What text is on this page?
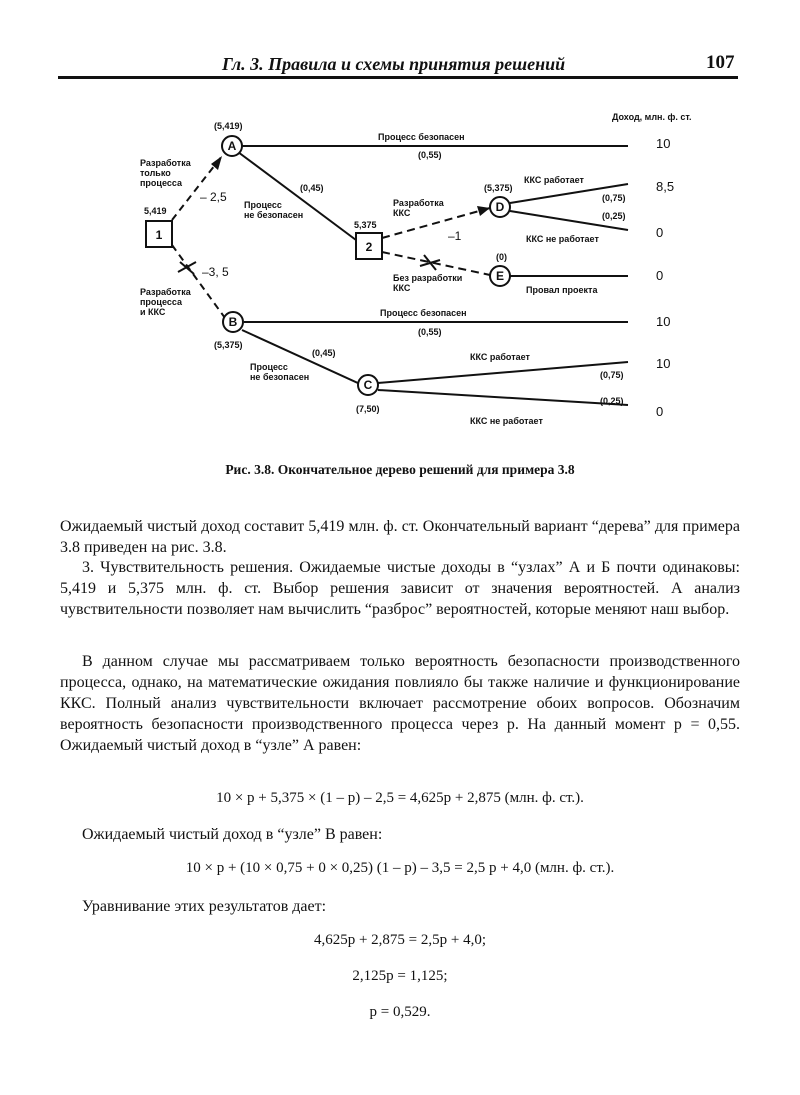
Гл. 3. Правила и схемы принятия решений	107
1
2
A
B
C
D
E
5,419
5,375
(5,419)
(5,375)
(7,50)
(5,375)
(0)
Разработка только процесса
– 2,5
–3, 5
Разработка процесса и ККС
Процесс безопасен
(0,55)
(0,45)
Процесс не безопасен
Разработка ККС
–1
Без разработки ККС
ККС работает
(0,75)
(0,25)
ККС не работает
Провал проекта
Процесс безопасен
(0,55)
(0,45)
Процесс не безопасен
ККС работает
(0,75)
(0,25)
ККС не работает
Доход, млн. ф. ст.
10
8,5
0
0
10
10
0
Рис. 3.8. Окончательное дерево решений для примера 3.8

Ожидаемый чистый доход составит 5,419 млн. ф. ст. Окончательный вариант “дерева” для примера 3.8 приведен на рис. 3.8.

3. Чувствительность решения. Ожидаемые чистые доходы в “узлах” А и Б почти одинаковы: 5,419 и 5,375 млн. ф. ст. Выбор решения зависит от значения вероятностей. А анализ чувствительности позволяет нам вычислить “разброс” вероятностей, которые меняют наш выбор.

В данном случае мы рассматриваем только вероятность безопасности производственного процесса, однако, на математические ожидания повлияло бы также наличие и функционирование ККС. Полный анализ чувствительности включает рассмотрение обоих вопросов. Обозначим вероятность безопасности производственного процесса через p. На данный момент p = 0,55. Ожидаемый чистый доход в “узле” А равен:

10 × p + 5,375 × (1 – p) – 2,5 = 4,625p + 2,875 (млн. ф. ст.).

Ожидаемый чистый доход в “узле” В равен:

10 × p + (10 × 0,75 + 0 × 0,25) (1 – p) – 3,5 = 2,5 p + 4,0 (млн. ф. ст.).

Уравнивание этих результатов дает:

4,625p + 2,875 = 2,5p + 4,0;
2,125p = 1,125;
p = 0,529.
